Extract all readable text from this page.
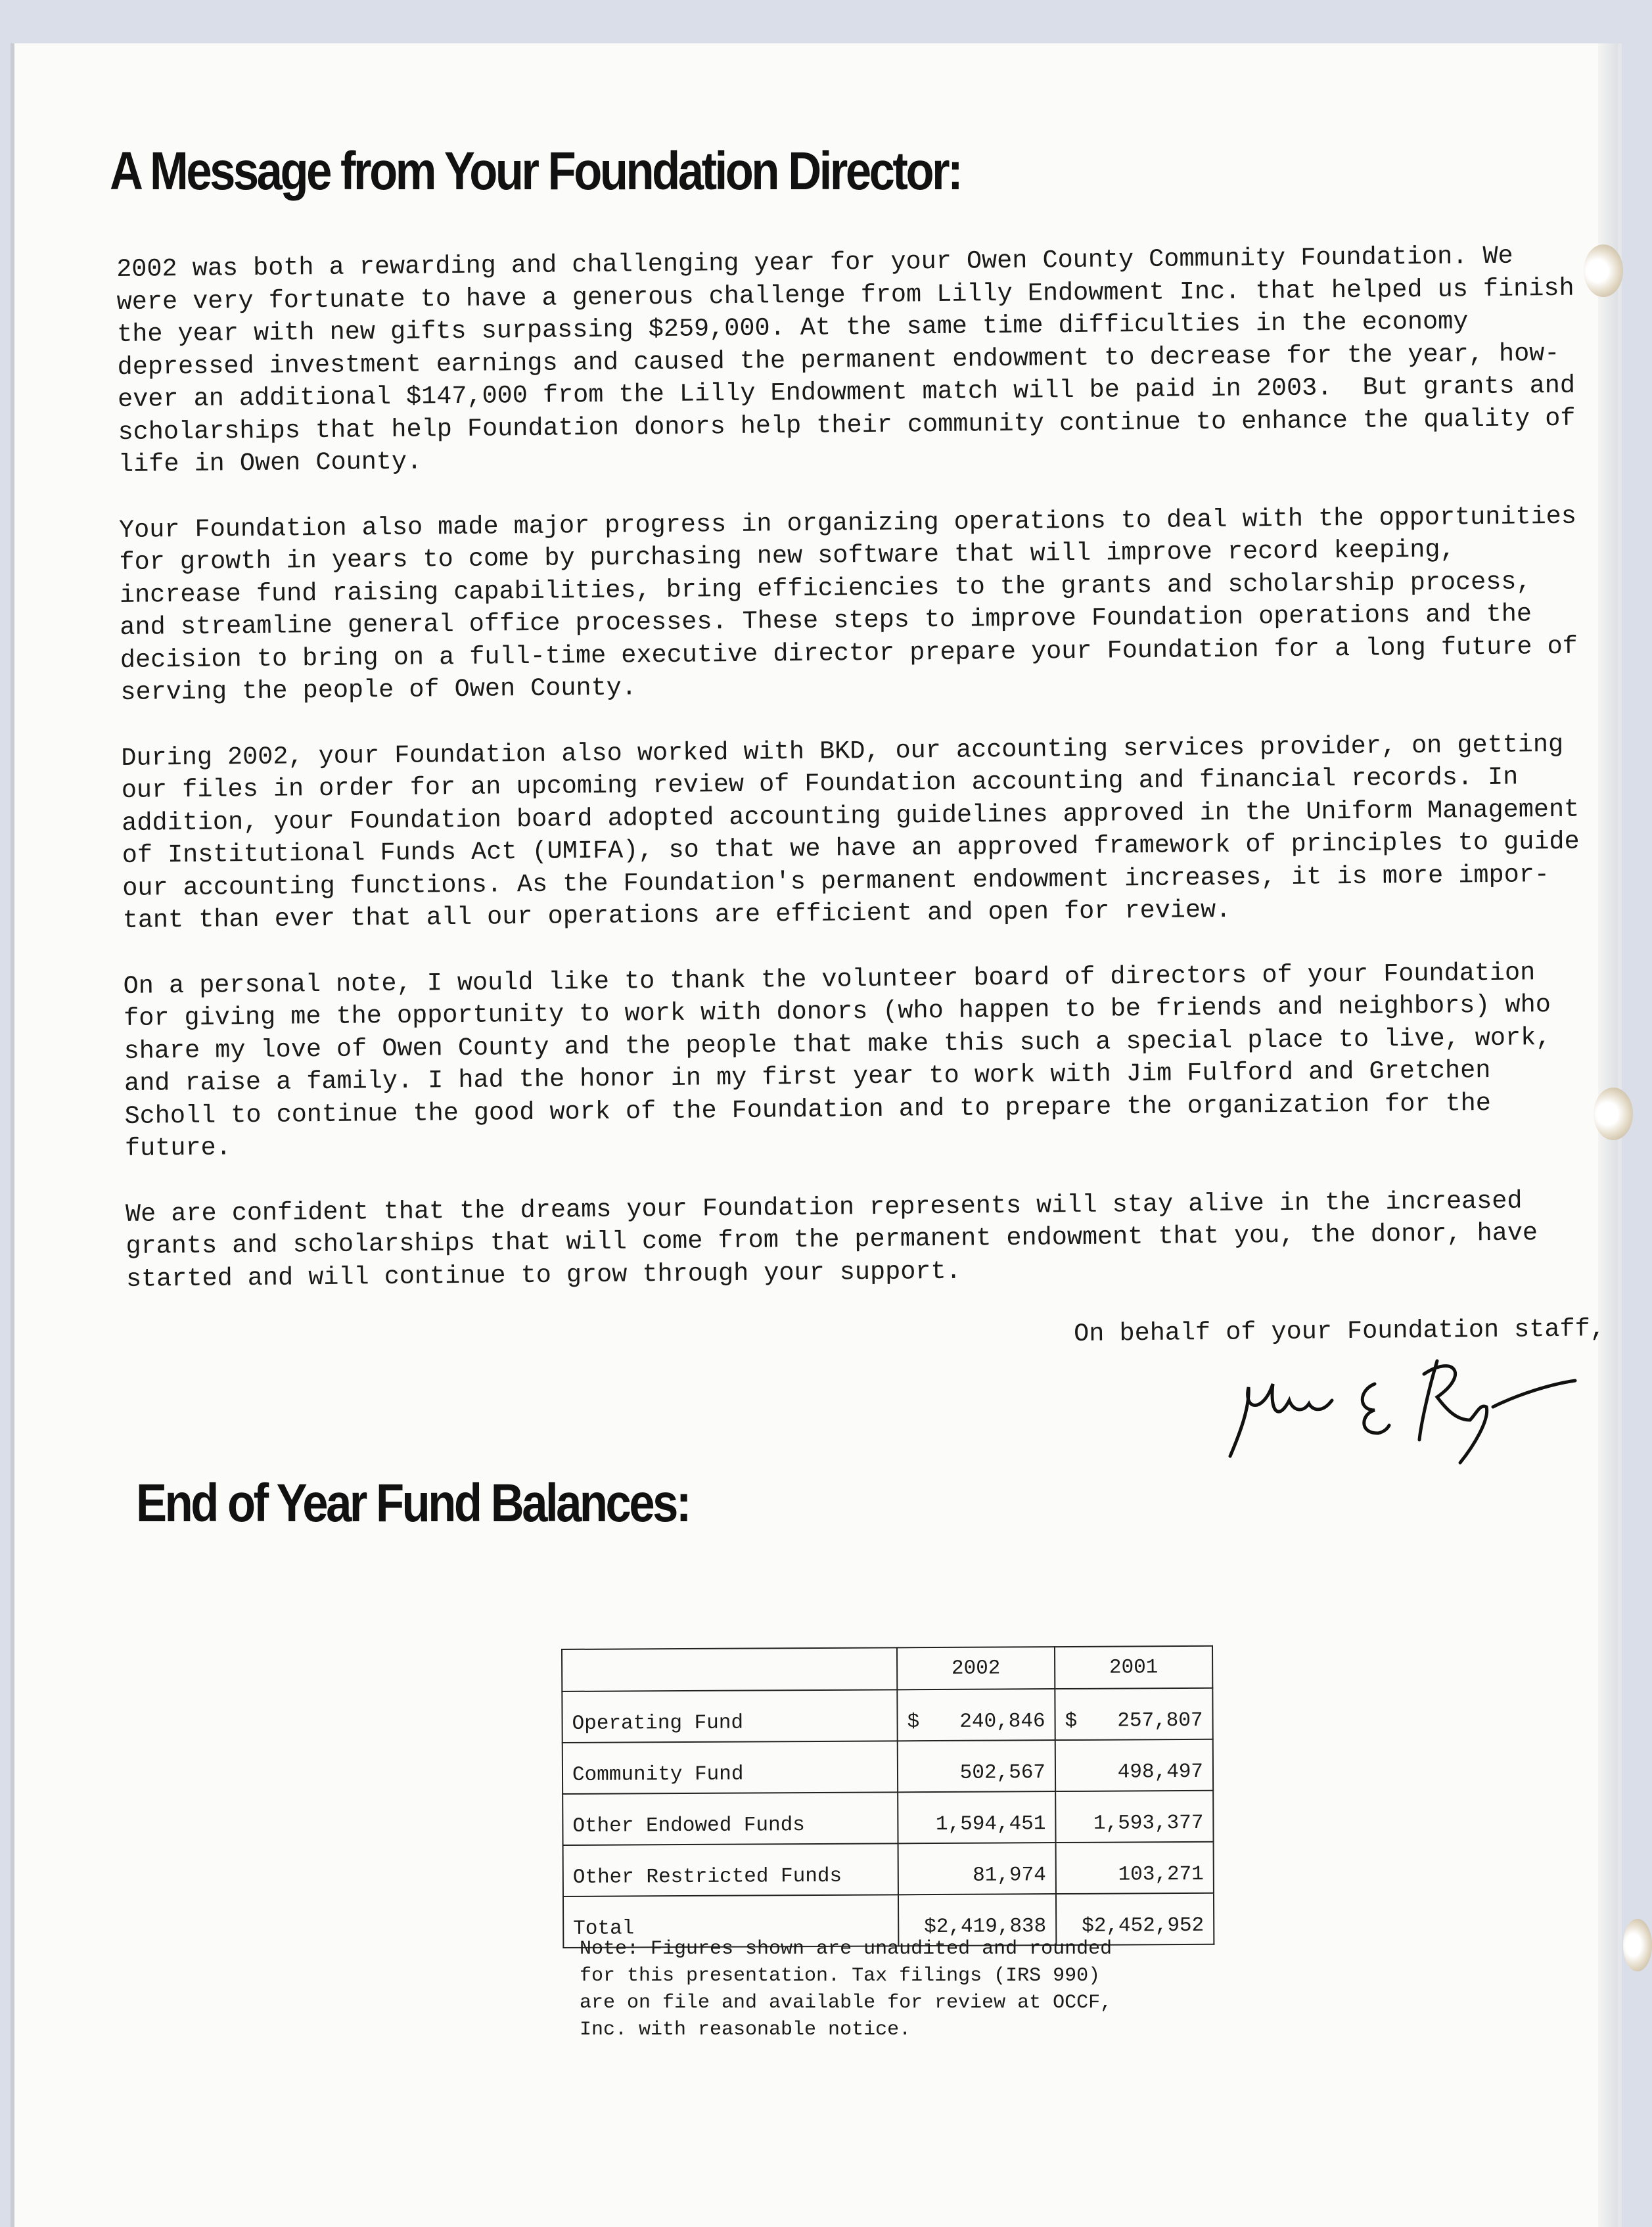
A Message from Your Foundation Director:

2002 was both a rewarding and challenging year for your Owen County Community Foundation. We
were very fortunate to have a generous challenge from Lilly Endowment Inc. that helped us finish
the year with new gifts surpassing $259,000. At the same time difficulties in the economy
depressed investment earnings and caused the permanent endowment to decrease for the year, how-
ever an additional $147,000 from the Lilly Endowment match will be paid in 2003.  But grants and
scholarships that help Foundation donors help their community continue to enhance the quality of
life in Owen County.

Your Foundation also made major progress in organizing operations to deal with the opportunities
for growth in years to come by purchasing new software that will improve record keeping,
increase fund raising capabilities, bring efficiencies to the grants and scholarship process,
and streamline general office processes. These steps to improve Foundation operations and the
decision to bring on a full-time executive director prepare your Foundation for a long future of
serving the people of Owen County.

During 2002, your Foundation also worked with BKD, our accounting services provider, on getting
our files in order for an upcoming review of Foundation accounting and financial records. In
addition, your Foundation board adopted accounting guidelines approved in the Uniform Management
of Institutional Funds Act (UMIFA), so that we have an approved framework of principles to guide
our accounting functions. As the Foundation's permanent endowment increases, it is more impor-
tant than ever that all our operations are efficient and open for review.

On a personal note, I would like to thank the volunteer board of directors of your Foundation
for giving me the opportunity to work with donors (who happen to be friends and neighbors) who
share my love of Owen County and the people that make this such a special place to live, work,
and raise a family. I had the honor in my first year to work with Jim Fulford and Gretchen
Scholl to continue the good work of the Foundation and to prepare the organization for the
future.

We are confident that the dreams your Foundation represents will stay alive in the increased
grants and scholarships that will come from the permanent endowment that you, the donor, have
started and will continue to grow through your support.

On behalf of your Foundation staff,
End of Year Fund Balances:
	2002	2001
Operating Fund	$ 240,846	$ 257,807
Community Fund	502,567	498,497
Other Endowed Funds	1,594,451	1,593,377
Other Restricted Funds	81,974	103,271
Total	$2,419,838	$2,452,952

Note: Figures shown are unaudited and rounded
for this presentation. Tax filings (IRS 990)
are on file and available for review at OCCF,
Inc. with reasonable notice.
